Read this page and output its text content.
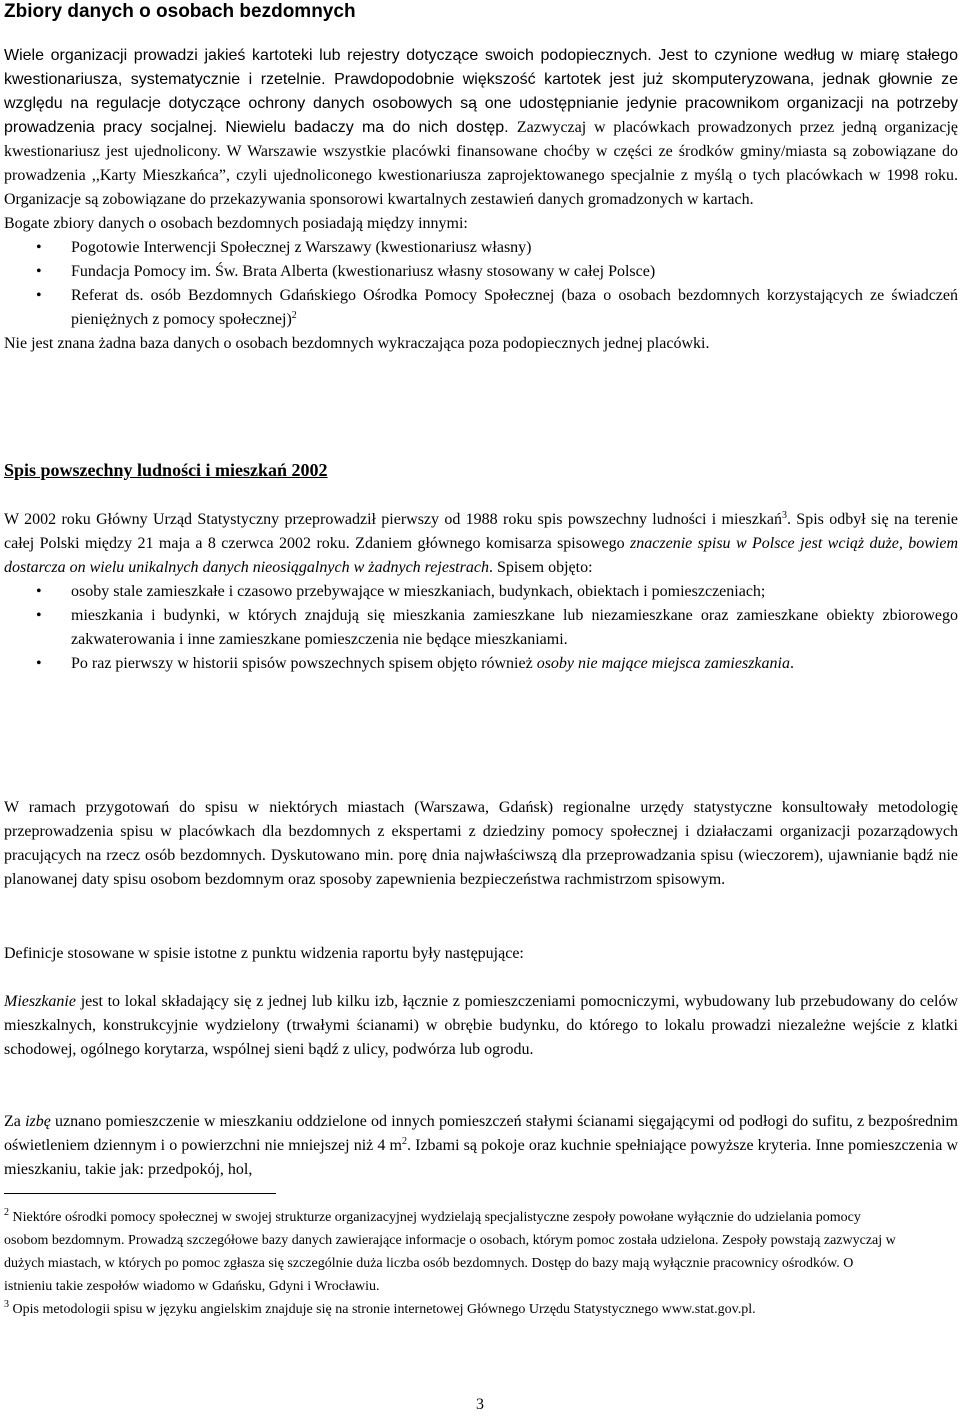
Zbiory danych o osobach bezdomnych

Wiele organizacji prowadzi jakieś kartoteki lub rejestry dotyczące swoich podopiecznych. Jest to czynione według w miarę stałego kwestionariusza, systematycznie i rzetelnie. Prawdopodobnie większość kartotek jest już skomputeryzowana, jednak głownie ze względu na regulacje dotyczące ochrony danych osobowych są one udostępnianie jedynie pracownikom organizacji na potrzeby prowadzenia pracy socjalnej. Niewielu badaczy ma do nich dostęp. Zazwyczaj w placówkach prowadzonych przez jedną organizację kwestionariusz jest ujednolicony. W Warszawie wszystkie placówki finansowane choćby w części ze środków gminy/miasta są zobowiązane do prowadzenia ,,Karty Mieszkańca”, czyli ujednoliconego kwestionariusza zaprojektowanego specjalnie z myślą o tych placówkach w 1998 roku. Organizacje są zobowiązane do przekazywania sponsorowi kwartalnych zestawień danych gromadzonych w kartach.

Bogate zbiory danych o osobach bezdomnych posiadają między innymi:

• Pogotowie Interwencji Społecznej z Warszawy (kwestionariusz własny)
• Fundacja Pomocy im. Św. Brata Alberta (kwestionariusz własny stosowany w całej Polsce)
• Referat ds. osób Bezdomnych Gdańskiego Ośrodka Pomocy Społecznej (baza o osobach bezdomnych korzystających ze świadczeń pieniężnych z pomocy społecznej)$^2$

Nie jest znana żadna baza danych o osobach bezdomnych wykraczająca poza podopiecznych jednej placówki.

Spis powszechny ludności i mieszkań 2002

W 2002 roku Główny Urząd Statystyczny przeprowadził pierwszy od 1988 roku spis powszechny ludności i mieszkań$^3$. Spis odbył się na terenie całej Polski między 21 maja a 8 czerwca 2002 roku. Zdaniem głównego komisarza spisowego znaczenie spisu w Polsce jest wciąż duże, bowiem dostarcza on wielu unikalnych danych nieosiągalnych w żadnych rejestrach. Spisem objęto:

• osoby stale zamieszkałe i czasowo przebywające w mieszkaniach, budynkach, obiektach i pomieszczeniach;
• mieszkania i budynki, w których znajdują się mieszkania zamieszkane lub niezamieszkane oraz zamieszkane obiekty zbiorowego zakwaterowania i inne zamieszkane pomieszczenia nie będące mieszkaniami.
• Po raz pierwszy w historii spisów powszechnych spisem objęto również osoby nie mające miejsca zamieszkania.

W ramach przygotowań do spisu w niektórych miastach (Warszawa, Gdańsk) regionalne urzędy statystyczne konsultowały metodologię przeprowadzenia spisu w placówkach dla bezdomnych z ekspertami z dziedziny pomocy społecznej i działaczami organizacji pozarządowych pracujących na rzecz osób bezdomnych. Dyskutowano min. porę dnia najwłaściwszą dla przeprowadzania spisu (wieczorem), ujawnianie bądź nie planowanej daty spisu osobom bezdomnym oraz sposoby zapewnienia bezpieczeństwa rachmistrzom spisowym.

Definicje stosowane w spisie istotne z punktu widzenia raportu były następujące:

Mieszkanie jest to lokal składający się z jednej lub kilku izb, łącznie z pomieszczeniami pomocniczymi, wybudowany lub przebudowany do celów mieszkalnych, konstrukcyjnie wydzielony (trwałymi ścianami) w obrębie budynku, do którego to lokalu prowadzi niezależne wejście z klatki schodowej, ogólnego korytarza, wspólnej sieni bądź z ulicy, podwórza lub ogrodu.

Za izbę uznano pomieszczenie w mieszkaniu oddzielone od innych pomieszczeń stałymi ścianami sięgającymi od podłogi do sufitu, z bezpośrednim oświetleniem dziennym i o powierzchni nie mniejszej niż 4 $m^2$. Izbami są pokoje oraz kuchnie spełniające powyższe kryteria. Inne pomieszczenia w mieszkaniu, takie jak: przedpokój, hol,

$^2$ Niektóre ośrodki pomocy społecznej w swojej strukturze organizacyjnej wydzielają specjalistyczne zespoły powołane wyłącznie do udzielania pomocy osobom bezdomnym. Prowadzą szczegółowe bazy danych zawierające informacje o osobach, którym pomoc została udzielona. Zespoły powstają zazwyczaj w dużych miastach, w których po pomoc zgłasza się szczególnie duża liczba osób bezdomnych. Dostęp do bazy mają wyłącznie pracownicy ośrodków. O istnieniu takie zespołów wiadomo w Gdańsku, Gdyni i Wrocławiu.

$^3$ Opis metodologii spisu w języku angielskim znajduje się na stronie internetowej Głównego Urzędu Statystycznego www.stat.gov.pl.

3
